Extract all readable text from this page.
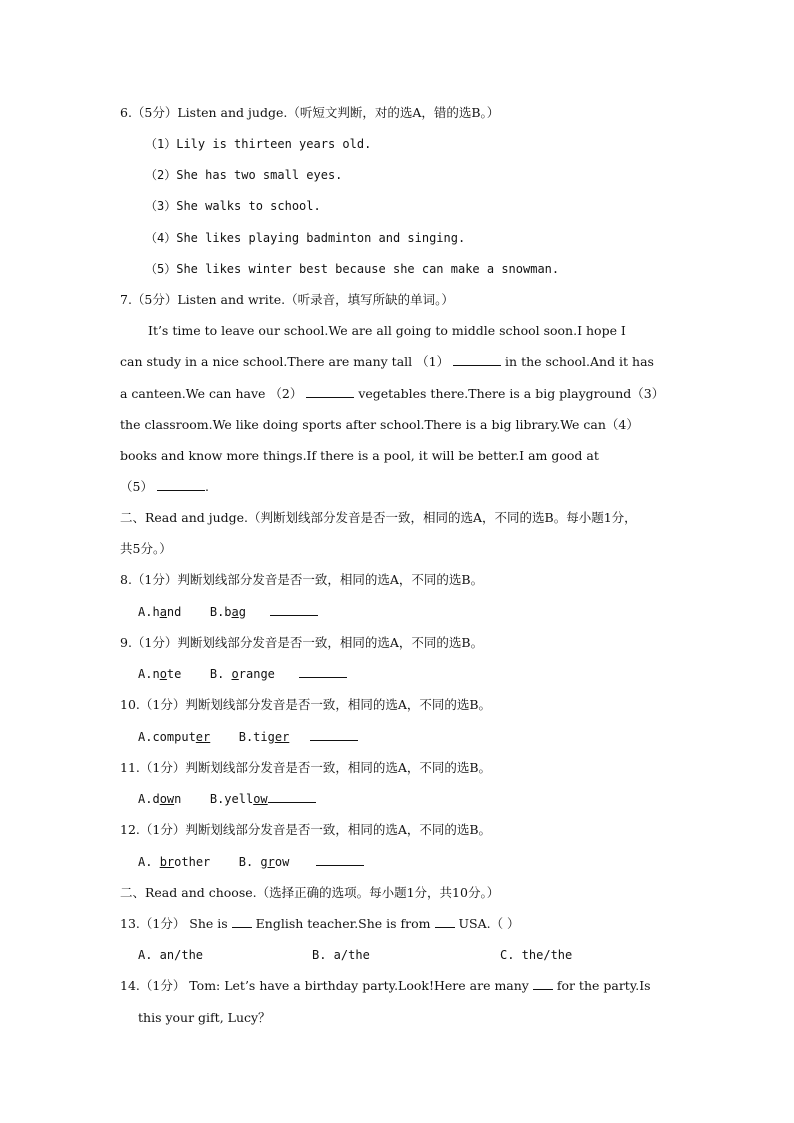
6.（5分）Listen and judge.（听短文判断，对的选A，错的选B。）
（1）Lily is thirteen years old.
（2）She has two small eyes.
（3）She walks to school.
（4）She likes playing badminton and singing.
（5）She likes winter best because she can make a snowman.
7.（5分）Listen and write.（听录音，填写所缺的单词。）
It’s time to leave our school.We are all going to middle school soon.I hope I
can study in a nice school.There are many tall （1）	in the school.And it has
a canteen.We can have （2）	vegetables there.There is a big playground（3）
the classroom.We like doing sports after school.There is a big library.We can（4）
books and know more things.If there is a pool, it will be better.I am good at
（5）	.
二、Read and judge.（判断划线部分发音是否一致，相同的选A，不同的选B。每小题1分，
共5分。）
8.（1分）判断划线部分发音是否一致，相同的选A，不同的选B。
A.hand B.bag
9.（1分）判断划线部分发音是否一致，相同的选A，不同的选B。
A.note B. orange
10.（1分）判断划线部分发音是否一致，相同的选A，不同的选B。
A.computer B.tiger
11.（1分）判断划线部分发音是否一致，相同的选A，不同的选B。
A.down B.yellow
12.（1分）判断划线部分发音是否一致，相同的选A，不同的选B。
A. brother B. grow
二、Read and choose.（选择正确的选项。每小题1分，共10分。）
13.（1分） She is  English teacher.She is from  USA.（ ）
A. an/the	B. a/the	C. the/the
14.（1分） Tom: Let’s have a birthday party.Look!Here are many  for the party.Is
this your gift, Lucy？
